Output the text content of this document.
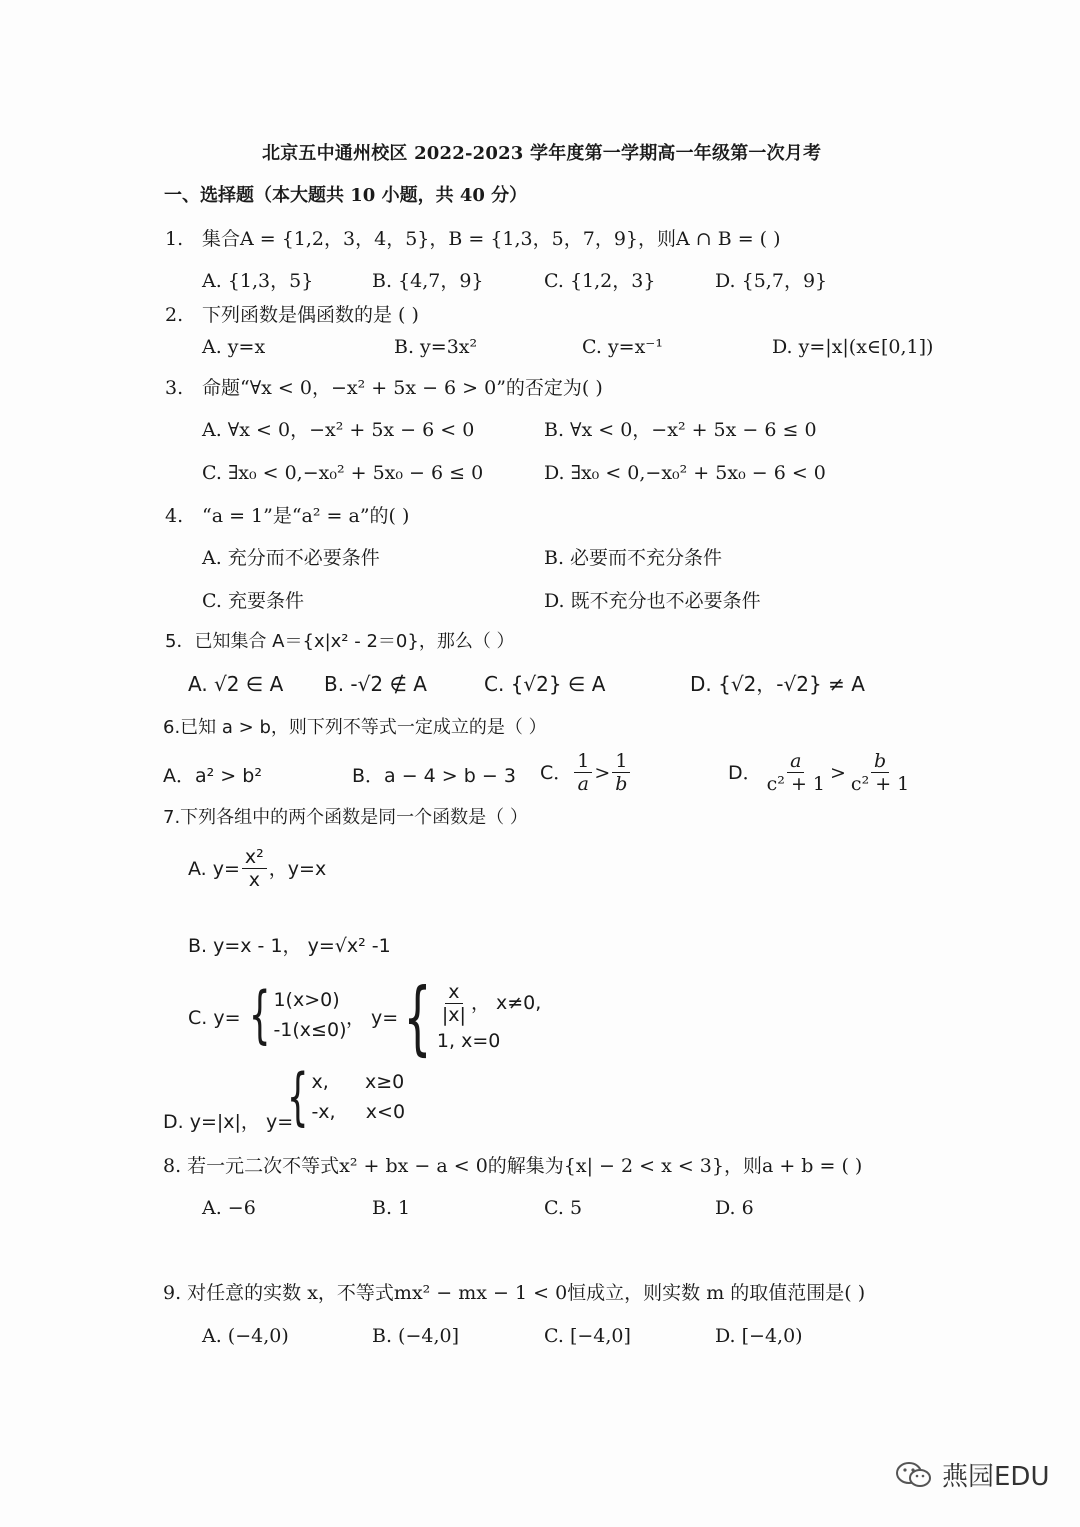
北京五中通州校区 2022-2023 学年度第一学期高一年级第一次月考
一、选择题（本大题共 10 小题，共 40 分）
1. 集合A = {1,2，3，4，5}，B = {1,3，5，7，9}，则A ∩ B = ( )
A. {1,3，5}	B. {4,7，9}	C. {1,2，3}	D. {5,7，9}
2. 下列函数是偶函数的是 ( )
A. y=x	B. y=3x²	C. y=x⁻¹	D. y=|x|(x∈[0,1])
3. 命题“∀x < 0，−x² + 5x − 6 > 0”的否定为( )
A. ∀x < 0，−x² + 5x − 6 < 0	B. ∀x < 0，−x² + 5x − 6 ≤ 0
C. ∃x₀ < 0,−x₀² + 5x₀ − 6 ≤ 0	D. ∃x₀ < 0,−x₀² + 5x₀ − 6 < 0
4. “a = 1”是“a² = a”的( )
A. 充分而不必要条件	B. 必要而不充分条件
C. 充要条件	D. 既不充分也不必要条件
5．已知集合 A＝{x|x² - 2＝0}，那么（ ）
A. √2 ∈ A B. -√2 ∉ A	C. {√2} ∈ A	D. {√2，-√2} ≠ A
6.已知 a > b，则下列不等式一定成立的是（ ）
A．a² > b²	B．a − 4 > b − 3 C． $\frac{1}{a} > \frac{1}{b}$	D． $\frac{a}{\text{c² + 1}} > \frac{b}{\text{c² + 1}}$
7.下列各组中的两个函数是同一个函数是（ ）
A. $y= \frac{\text{x²}}{x}$ ，y=x
B. y=x - 1， y=√x² -1
C. y= { 1(x>0)
-1(x≤0)
， y= { $\frac{x}{|x|}$ ， x≠0,
1, x=0
D. y=|x|， y=
{ x,      x≥0
-x,     x<0
8. 若一元二次不等式x² + bx − a < 0的解集为{x| − 2 < x < 3}，则a + b = ( )
A. −6	B. 1	C. 5	D. 6
9. 对任意的实数 x，不等式mx² − mx − 1 < 0恒成立，则实数 m 的取值范围是( )
A. (−4,0)	B. (−4,0]	C. [−4,0]	D. [−4,0)
燕园EDU
